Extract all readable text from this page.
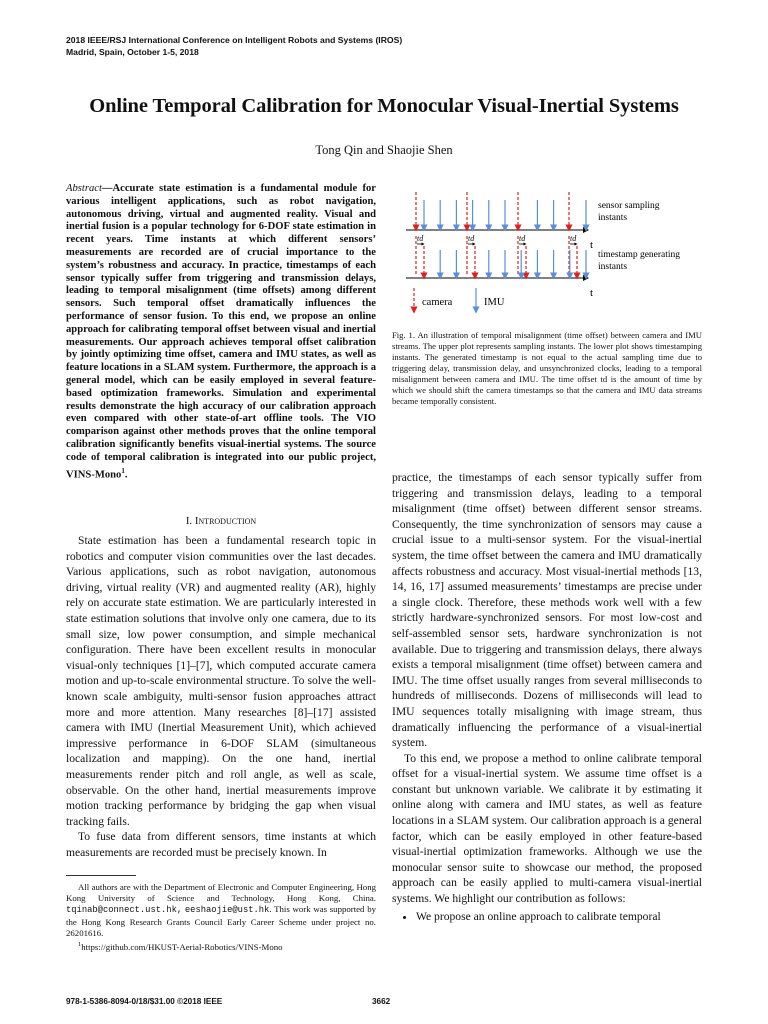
2018 IEEE/RSJ International Conference on Intelligent Robots and Systems (IROS)
Madrid, Spain, October 1-5, 2018
Online Temporal Calibration for Monocular Visual-Inertial Systems
Tong Qin and Shaojie Shen
Abstract—Accurate state estimation is a fundamental module for various intelligent applications, such as robot navigation, autonomous driving, virtual and augmented reality. Visual and inertial fusion is a popular technology for 6-DOF state estimation in recent years. Time instants at which different sensors’ measurements are recorded are of crucial importance to the system’s robustness and accuracy. In practice, timestamps of each sensor typically suffer from triggering and transmission delays, leading to temporal misalignment (time offsets) among different sensors. Such temporal offset dramatically influences the performance of sensor fusion. To this end, we propose an online approach for calibrating temporal offset between visual and inertial measurements. Our approach achieves temporal offset calibration by jointly optimizing time offset, camera and IMU states, as well as feature locations in a SLAM system. Furthermore, the approach is a general model, which can be easily employed in several feature-based optimization frameworks. Simulation and experimental results demonstrate the high accuracy of our calibration approach even compared with other state-of-art offline tools. The VIO comparison against other methods proves that the online temporal calibration significantly benefits visual-inertial systems. The source code of temporal calibration is integrated into our public project, VINS-Mono$^1$.
I. Introduction

State estimation has been a fundamental research topic in robotics and computer vision communities over the last decades. Various applications, such as robot navigation, autonomous driving, virtual reality (VR) and augmented reality (AR), highly rely on accurate state estimation. We are particularly interested in state estimation solutions that involve only one camera, due to its small size, low power consumption, and simple mechanical configuration. There have been excellent results in monocular visual-only techniques [1]–[7], which computed accurate camera motion and up-to-scale environmental structure. To solve the well-known scale ambiguity, multi-sensor fusion approaches attract more and more attention. Many researches [8]–[17] assisted camera with IMU (Inertial Measurement Unit), which achieved impressive performance in 6-DOF SLAM (simultaneous localization and mapping). On the one hand, inertial measurements render pitch and roll angle, as well as scale, observable. On the other hand, inertial measurements improve motion tracking performance by bridging the gap when visual tracking fails.

To fuse data from different sensors, time instants at which measurements are recorded must be precisely known. In

All authors are with the Department of Electronic and Computer Engineering, Hong Kong University of Science and Technology, Hong Kong, China. tqinab@connect.ust.hk, eeshaojie@ust.hk. This work was supported by the Hong Kong Research Grants Council Early Career Scheme under project no. 26201616.

$^1$https://github.com/HKUST-Aerial-Robotics/VINS-Mono

td	td	td	td
t
t
sensor sampling
instants
timestamp generating
instants
camera	IMU
Fig. 1. An illustration of temporal misalignment (time offset) between camera and IMU streams. The upper plot represents sampling instants. The lower plot shows timestamping instants. The generated timestamp is not equal to the actual sampling time due to triggering delay, transmission delay, and unsynchronized clocks, leading to a temporal misalignment between camera and IMU. The time offset td is the amount of time by which we should shift the camera timestamps so that the camera and IMU data streams became temporally consistent.

practice, the timestamps of each sensor typically suffer from triggering and transmission delays, leading to a temporal misalignment (time offset) between different sensor streams. Consequently, the time synchronization of sensors may cause a crucial issue to a multi-sensor system. For the visual-inertial system, the time offset between the camera and IMU dramatically affects robustness and accuracy. Most visual-inertial methods [13, 14, 16, 17] assumed measurements’ timestamps are precise under a single clock. Therefore, these methods work well with a few strictly hardware-synchronized sensors. For most low-cost and self-assembled sensor sets, hardware synchronization is not available. Due to triggering and transmission delays, there always exists a temporal misalignment (time offset) between camera and IMU. The time offset usually ranges from several milliseconds to hundreds of milliseconds. Dozens of milliseconds will lead to IMU sequences totally misaligning with image stream, thus dramatically influencing the performance of a visual-inertial system.

To this end, we propose a method to online calibrate temporal offset for a visual-inertial system. We assume time offset is a constant but unknown variable. We calibrate it by estimating it online along with camera and IMU states, as well as feature locations in a SLAM system. Our calibration approach is a general factor, which can be easily employed in other feature-based visual-inertial optimization frameworks. Although we use the monocular sensor suite to showcase our method, the proposed approach can be easily applied to multi-camera visual-inertial systems. We highlight our contribution as follows:

• We propose an online approach to calibrate temporal
978-1-5386-8094-0/18/$31.00 ©2018 IEEE	3662
